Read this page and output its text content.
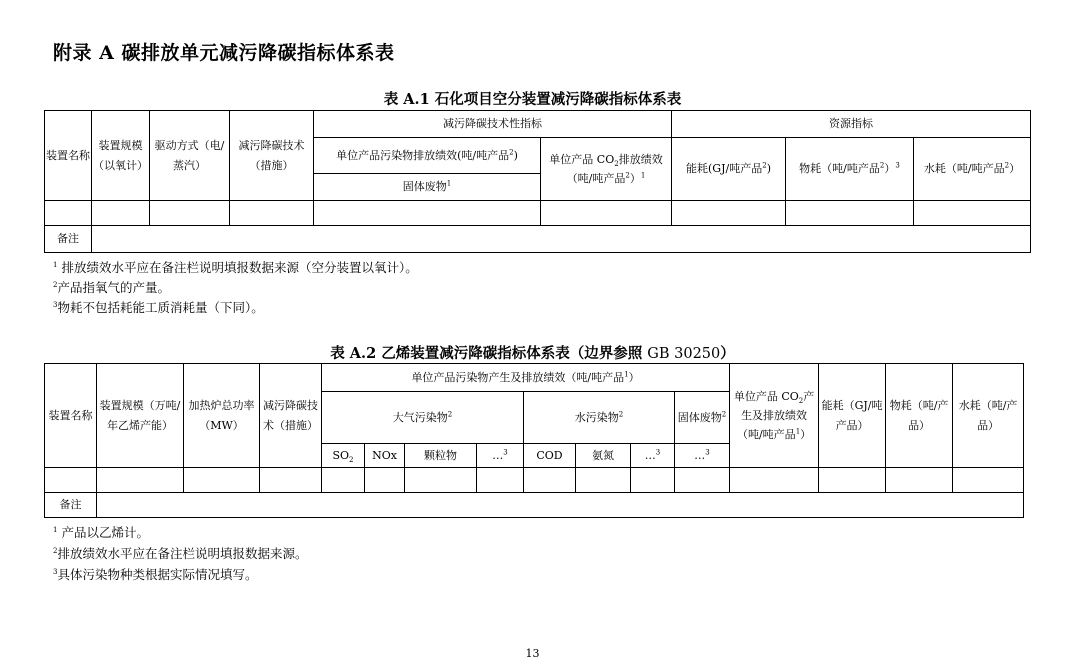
附录 A 碳排放单元减污降碳指标体系表
表 A.1 石化项目空分装置减污降碳指标体系表
装置名称	装置规模（以氧计）	驱动方式（电/蒸汽）	减污降碳技术（措施）	减污降碳技术性指标		资源指标		
				单位产品污染物排放绩效(吨/吨产品$^2$)	单位产品 $CO_2$排放绩效（吨/吨产品$^2$）$^1$	能耗(GJ/吨产品$^2$)	物耗（吨/吨产品$^2$）$^3$	水耗（吨/吨产品$^2$）
				固体废物$^1$

备注								
$^1$ 排放绩效水平应在备注栏说明填报数据来源（空分装置以氧计）。
$^2$产品指氧气的产量。
$^3$物耗不包括耗能工质消耗量（下同）。
表 A.2 乙烯装置减污降碳指标体系表（边界参照 GB 30250）
装置名称	装置规模（万吨/年乙烯产能）	加热炉总功率（MW）	减污降碳技术（措施）	单位产品污染物产生及排放绩效（吨/吨产品$^1$）								单位产品 $CO_2$产生及排放绩效（吨/吨产品$^1$）	能耗（GJ/吨产品）	物耗（吨/产品）	水耗（吨/产品）
				大气污染物$^2$				水污染物$^2$			固体废物$^2$
				$SO_2$	NOx	颗粒物	…$^3$	COD	氨氮	…$^3$	…$^3$

备注															
$^1$ 产品以乙烯计。
$^2$排放绩效水平应在备注栏说明填报数据来源。
$^3$具体污染物种类根据实际情况填写。
13
